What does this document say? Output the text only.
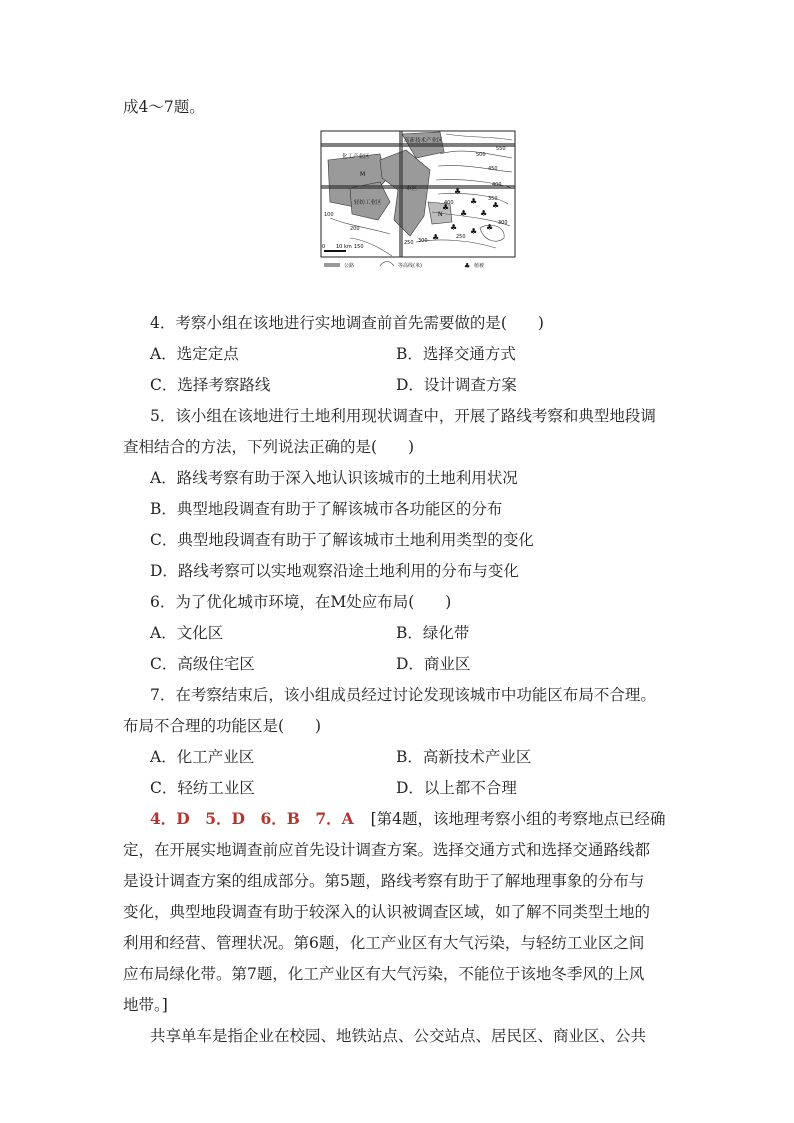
成4～7题。
♣
♣
♣
♣ ♣
♣
♣ ♣
♣
♣
化工产业区
高新技术产业区
市区
轻纺工业区
M
N
550
500
450
400
350
300
250
200
150
100
400
250 300
0 10 km
公路	等高线(米)	♣ 植被
4．考察小组在该地进行实地调查前首先需要做的是(　　)
A．选定定点	B．选择交通方式
C．选择考察路线	D．设计调查方案
5．该小组在该地进行土地利用现状调查中，开展了路线考察和典型地段调
查相结合的方法，下列说法正确的是(　　)
A．路线考察有助于深入地认识该城市的土地利用状况
B．典型地段调查有助于了解该城市各功能区的分布
C．典型地段调查有助于了解该城市土地利用类型的变化
D．路线考察可以实地观察沿途土地利用的分布与变化
6．为了优化城市环境，在M处应布局(　　)
A．文化区	B．绿化带
C．高级住宅区	D．商业区
7．在考察结束后，该小组成员经过讨论发现该城市中功能区布局不合理。
布局不合理的功能区是(　　)
A．化工产业区	B．高新技术产业区
C．轻纺工业区	D．以上都不合理
4．D　5．D　6．B　7．A [第4题，该地理考察小组的考察地点已经确
定，在开展实地调查前应首先设计调查方案。选择交通方式和选择交通路线都
是设计调查方案的组成部分。第5题，路线考察有助于了解地理事象的分布与
变化，典型地段调查有助于较深入的认识被调查区域，如了解不同类型土地的
利用和经营、管理状况。第6题，化工产业区有大气污染，与轻纺工业区之间
应布局绿化带。第7题，化工产业区有大气污染，不能位于该地冬季风的上风
地带。]
共享单车是指企业在校园、地铁站点、公交站点、居民区、商业区、公共
